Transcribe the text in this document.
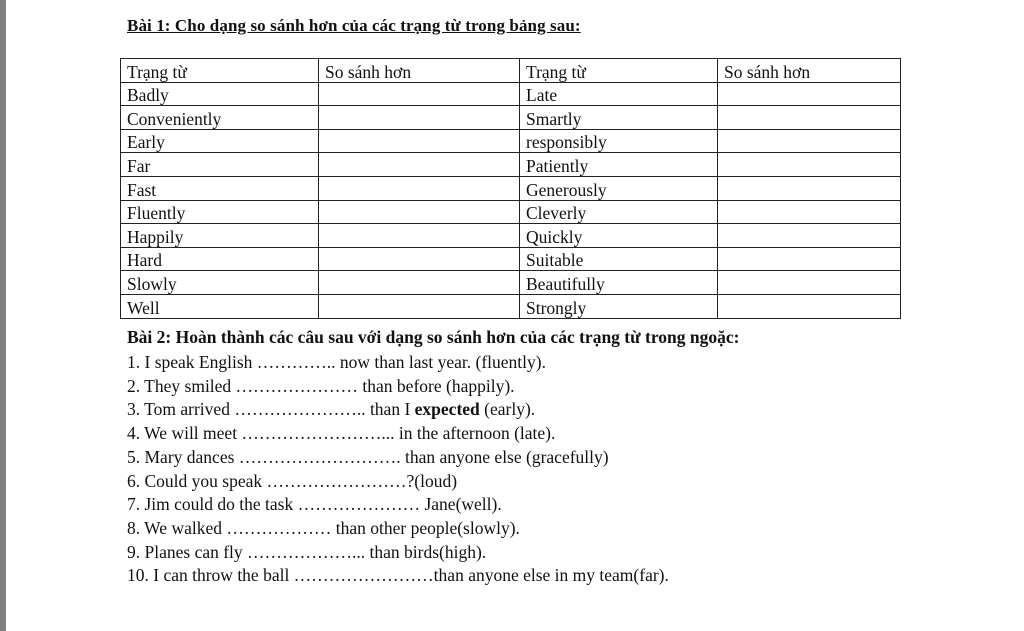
Bài 1: Cho dạng so sánh hơn của các trạng từ trong bảng sau:
Trạng từ	So sánh hơn	Trạng từ	So sánh hơn
Badly		Late	
Conveniently		Smartly	
Early		responsibly	
Far		Patiently	
Fast		Generously	
Fluently		Cleverly	
Happily		Quickly	
Hard		Suitable	
Slowly		Beautifully	
Well		Strongly	
Bài 2: Hoàn thành các câu sau với dạng so sánh hơn của các trạng từ trong ngoặc:
1. I speak English ………….. now than last year. (fluently).
2. They smiled ………………… than before (happily).
3. Tom arrived ………………….. than I expected (early).
4. We will meet ……………………... in the afternoon (late).
5. Mary dances ………………………. than anyone else (gracefully)
6. Could you speak ……………………?(loud)
7. Jim could do the task ………………… Jane(well).
8. We walked ……………… than other people(slowly).
9. Planes can fly ………………... than birds(high).
10. I can throw the ball ……………………than anyone else in my team(far).
